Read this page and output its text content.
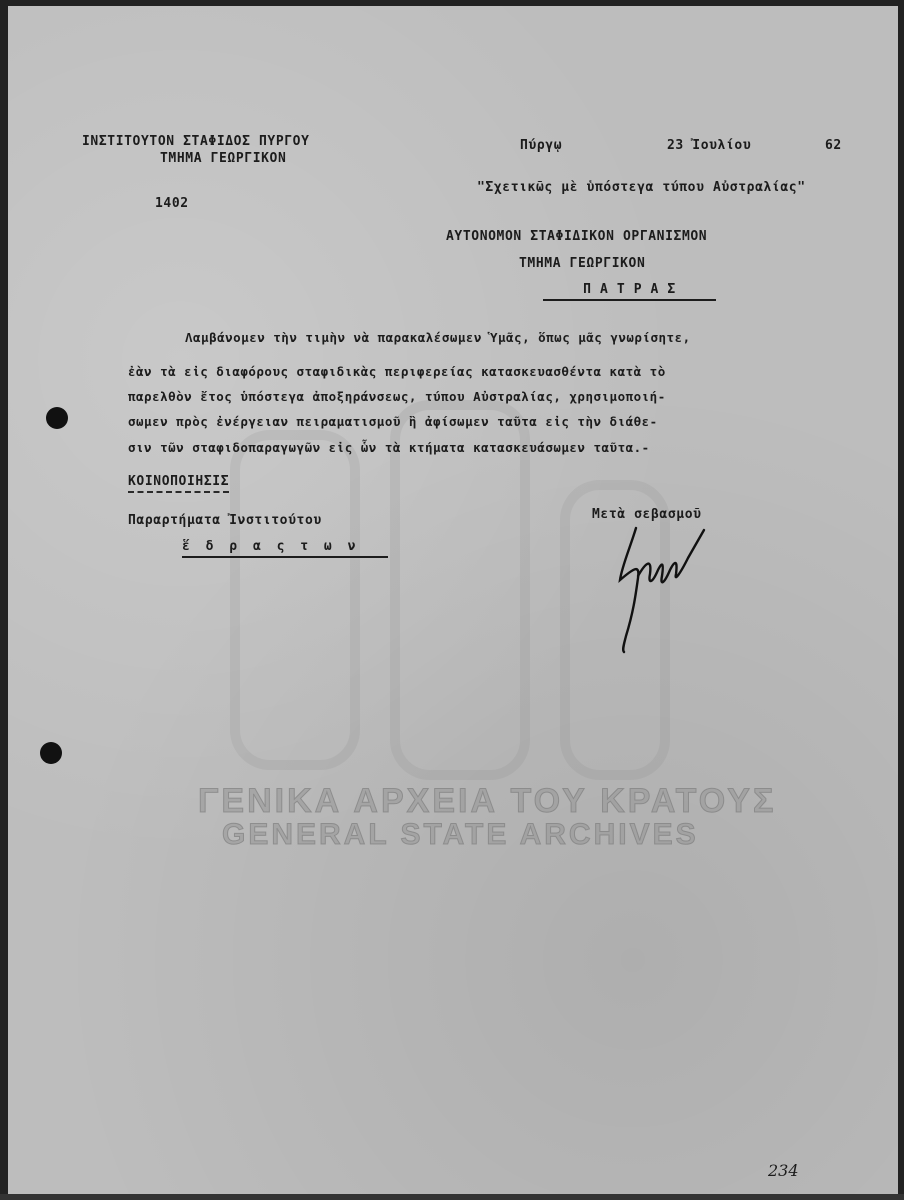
ΓΕΝΙΚΑ ΑΡΧΕΙΑ ΤΟΥ ΚΡΑΤΟΥΣ
GENERAL STATE ARCHIVES
ΙΝΣΤΙΤΟΥΤΟΝ ΣΤΑΦΙΔΟΣ ΠΥΡΓΟΥ
ΤΜΗΜΑ ΓΕΩΡΓΙΚΟΝ
1402
Πύργῳ	23 Ἰουλίου	62
"Σχετικῶς μὲ ὑπόστεγα τύπου Αὐστραλίας"
ΑΥΤΟΝΟΜΟΝ ΣΤΑΦΙΔΙΚΟΝ ΟΡΓΑΝΙΣΜΟΝ
ΤΜΗΜΑ ΓΕΩΡΓΙΚΟΝ
Π Α Τ Ρ Α Σ
Λαμβάνομεν τὴν τιμὴν νὰ παρακαλέσωμεν Ὑμᾶς, ὅπως μᾶς γνωρίσητε,
ἐὰν τὰ εἰς διαφόρους σταφιδικὰς περιφερείας κατασκευασθέντα κατὰ τὸ
παρελθὸν ἔτος ὑπόστεγα ἀποξηράνσεως, τύπου Αὐστραλίας, χρησιμοποιή-
σωμεν πρὸς ἐνέργειαν πειραματισμοῦ ἢ ἀφίσωμεν ταῦτα εἰς τὴν διάθε-
σιν τῶν σταφιδοπαραγωγῶν εἰς ὧν τὰ κτήματα κατασκευάσωμεν ταῦτα.-
ΚΟΙΝΟΠΟΙΗΣΙΣ
Παραρτήματα Ἰνστιτούτου
ἕ δ ρ α ς τ ω ν
Μετὰ σεβασμοῦ
234
